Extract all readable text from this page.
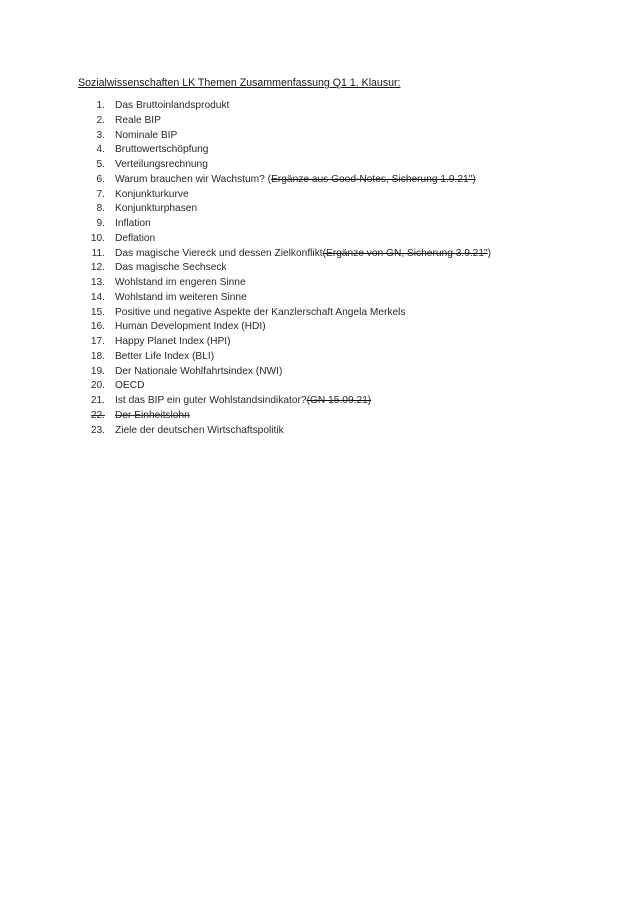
Sozialwissenschaften LK Themen Zusammenfassung Q1 1. Klausur:
1. Das Bruttoinlandsprodukt
2. Reale BIP
3. Nominale BIP
4. Bruttowertschöpfung
5. Verteilungsrechnung
6. Warum brauchen wir Wachstum? ( Ergänze aus Good-Notes, Sicherung 1.9.21")
7. Konjunkturkurve
8. Konjunkturphasen
9. Inflation
10. Deflation
11. Das magische Viereck und dessen Zielkonflikt (Ergänze von GN, Sicherung 3.9.21" )
12. Das magische Sechseck
13. Wohlstand im engeren Sinne
14. Wohlstand im weiteren Sinne
15. Positive und negative Aspekte der Kanzlerschaft Angela Merkels
16. Human Development Index (HDI)
17. Happy Planet Index (HPI)
18. Better Life Index (BLI)
19. Der Nationale Wohlfahrtsindex (NWI)
20. OECD
21. Ist das BIP ein guter Wohlstandsindikator? (GN 15.09.21)
22. Der Einheitslohn
23. Ziele der deutschen Wirtschaftspolitik
